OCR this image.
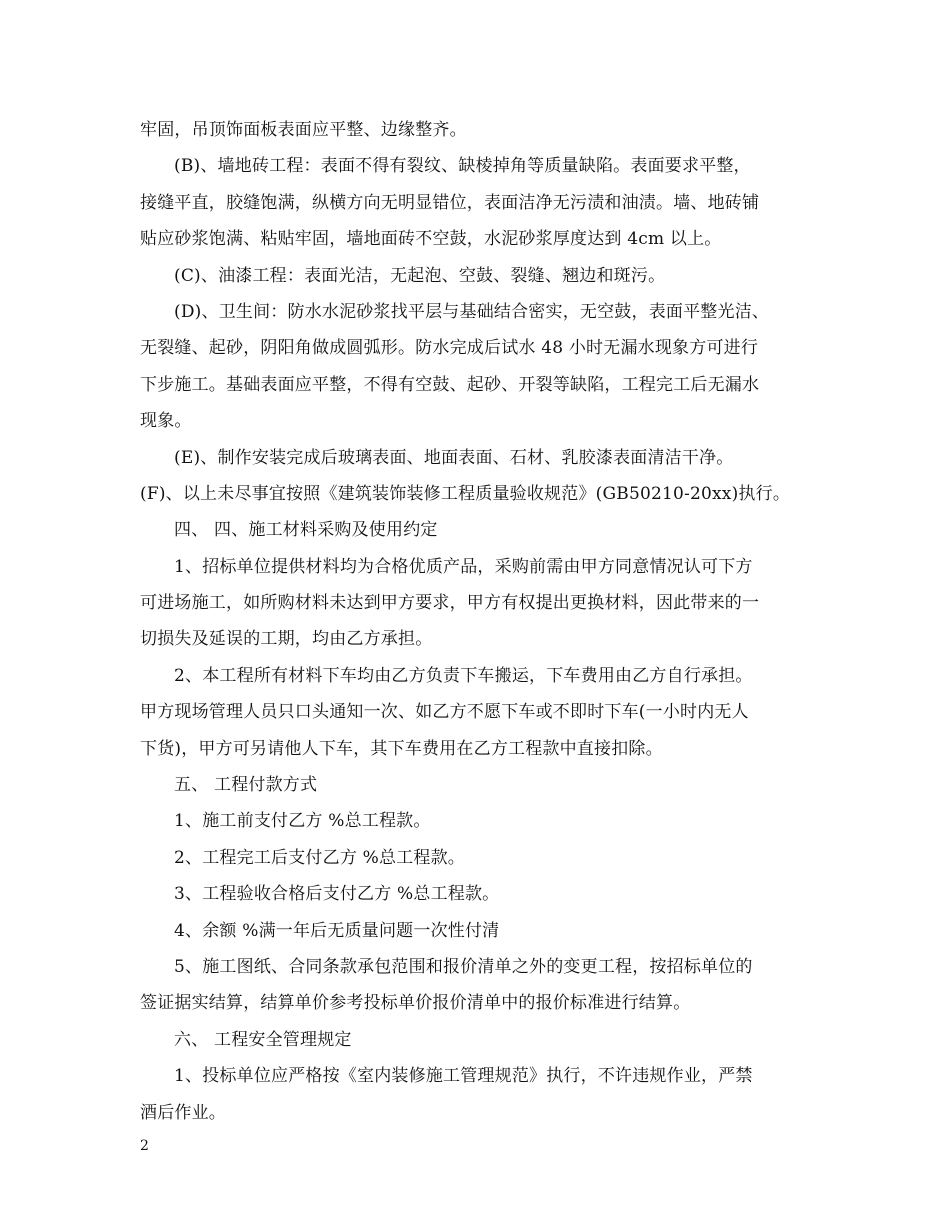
牢固，吊顶饰面板表面应平整、边缘整齐。
(B)、墙地砖工程：表面不得有裂纹、缺棱掉角等质量缺陷。表面要求平整，
接缝平直，胶缝饱满，纵横方向无明显错位，表面洁净无污渍和油渍。墙、地砖铺
贴应砂浆饱满、粘贴牢固，墙地面砖不空鼓，水泥砂浆厚度达到 4cm 以上。
(C)、油漆工程：表面光洁，无起泡、空鼓、裂缝、翘边和斑污。
(D)、卫生间：防水水泥砂浆找平层与基础结合密实，无空鼓，表面平整光洁、
无裂缝、起砂，阴阳角做成圆弧形。防水完成后试水 48 小时无漏水现象方可进行
下步施工。基础表面应平整，不得有空鼓、起砂、开裂等缺陷，工程完工后无漏水
现象。
(E)、制作安装完成后玻璃表面、地面表面、石材、乳胶漆表面清洁干净。
(F)、以上未尽事宜按照《建筑装饰装修工程质量验收规范》(GB50210-20xx)执行。
四、 四、施工材料采购及使用约定
1、招标单位提供材料均为合格优质产品，采购前需由甲方同意情况认可下方
可进场施工，如所购材料未达到甲方要求，甲方有权提出更换材料，因此带来的一
切损失及延误的工期，均由乙方承担。
2、本工程所有材料下车均由乙方负责下车搬运，下车费用由乙方自行承担。
甲方现场管理人员只口头通知一次、如乙方不愿下车或不即时下车(一小时内无人
下货)，甲方可另请他人下车，其下车费用在乙方工程款中直接扣除。
五、 工程付款方式
1、施工前支付乙方 %总工程款。
2、工程完工后支付乙方 %总工程款。
3、工程验收合格后支付乙方 %总工程款。
4、余额 %满一年后无质量问题一次性付清
5、施工图纸、合同条款承包范围和报价清单之外的变更工程，按招标单位的
签证据实结算，结算单价参考投标单价报价清单中的报价标准进行结算。
六、 工程安全管理规定
1、投标单位应严格按《室内装修施工管理规范》执行，不许违规作业，严禁
酒后作业。
2
